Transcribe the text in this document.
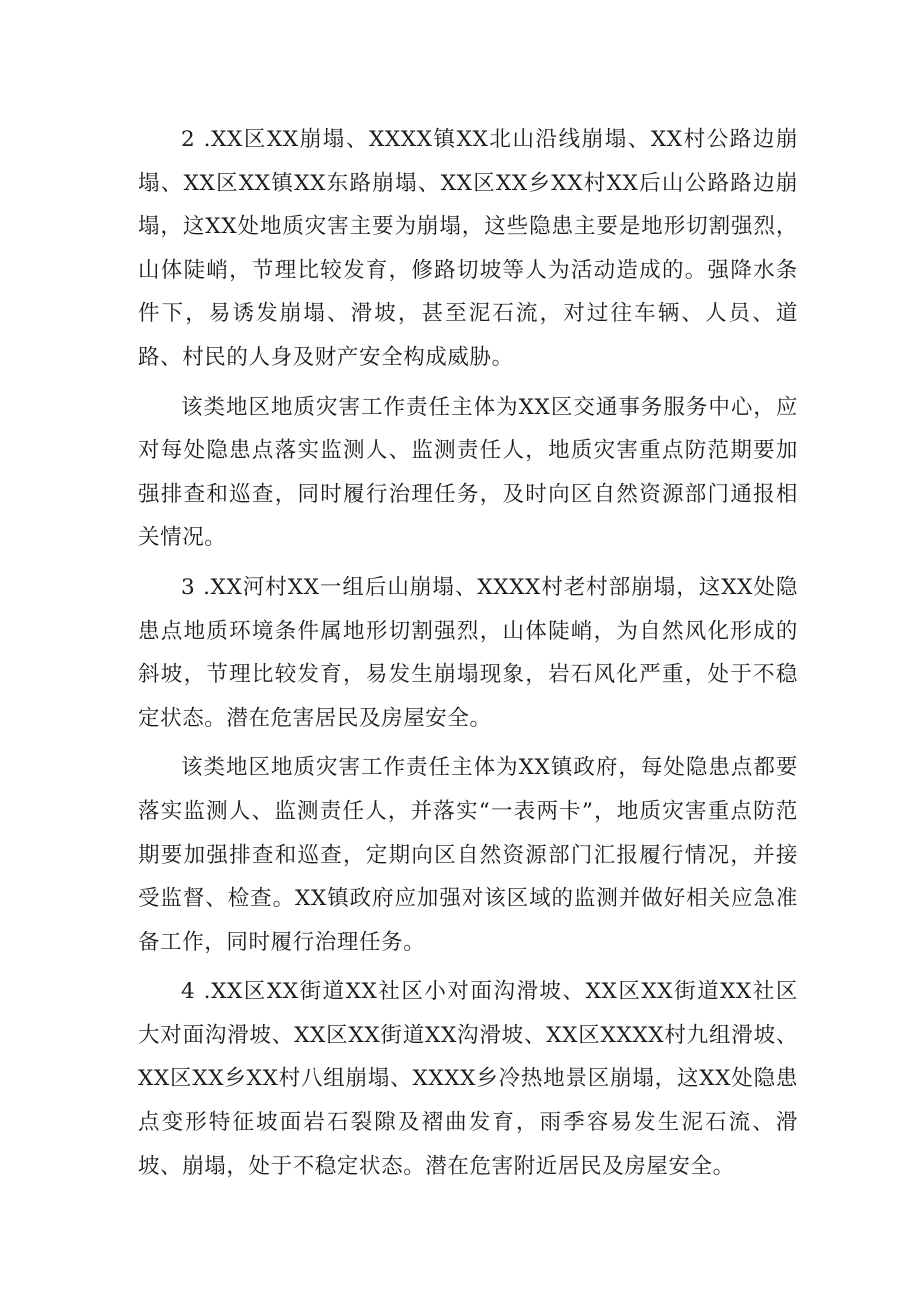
2 .XX区XX崩塌、XXXX镇XX北山沿线崩塌、XX村公路边崩塌、XX区XX镇XX东路崩塌、XX区XX乡XX村XX后山公路路边崩塌，这XX处地质灾害主要为崩塌，这些隐患主要是地形切割强烈，山体陡峭，节理比较发育，修路切坡等人为活动造成的。强降水条件下，易诱发崩塌、滑坡，甚至泥石流，对过往车辆、人员、道路、村民的人身及财产安全构成威胁。

该类地区地质灾害工作责任主体为XX区交通事务服务中心，应对每处隐患点落实监测人、监测责任人，地质灾害重点防范期要加强排查和巡查，同时履行治理任务，及时向区自然资源部门通报相关情况。

3 .XX河村XX一组后山崩塌、XXXX村老村部崩塌，这XX处隐患点地质环境条件属地形切割强烈，山体陡峭，为自然风化形成的斜坡，节理比较发育，易发生崩塌现象，岩石风化严重，处于不稳定状态。潜在危害居民及房屋安全。

该类地区地质灾害工作责任主体为XX镇政府，每处隐患点都要落实监测人、监测责任人，并落实“一表两卡”，地质灾害重点防范期要加强排查和巡查，定期向区自然资源部门汇报履行情况，并接受监督、检查。XX镇政府应加强对该区域的监测并做好相关应急准备工作，同时履行治理任务。

4 .XX区XX街道XX社区小对面沟滑坡、XX区XX街道XX社区大对面沟滑坡、XX区XX街道XX沟滑坡、XX区XXXX村九组滑坡、XX区XX乡XX村八组崩塌、XXXX乡冷热地景区崩塌，这XX处隐患点变形特征坡面岩石裂隙及褶曲发育，雨季容易发生泥石流、滑坡、崩塌，处于不稳定状态。潜在危害附近居民及房屋安全。
